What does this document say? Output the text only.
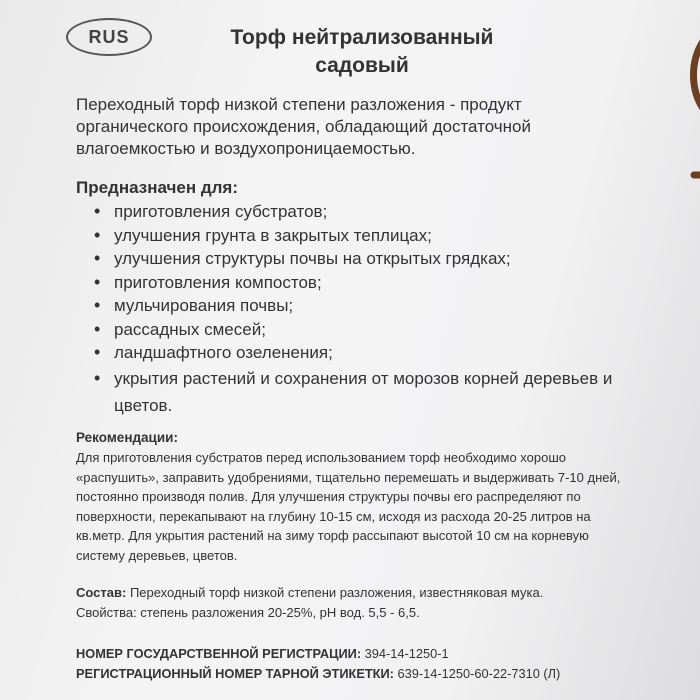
RUS	Торф нейтрализованный
садовый
Переходный торф низкой степени разложения - продукт органического происхождения, обладающий достаточной влагоемкостью и воздухопроницаемостью.
Предназначен для:
• приготовления субстратов;
• улучшения грунта в закрытых теплицах;
• улучшения структуры почвы на открытых грядках;
• приготовления компостов;
• мульчирования почвы;
• рассадных смесей;
• ландшафтного озеленения;
• укрытия растений и сохранения от морозов корней деревьев и цветов.
Рекомендации:
Для приготовления субстратов перед использованием торф необходимо хорошо «распушить», заправить удобрениями, тщательно перемешать и выдерживать 7-10 дней, постоянно производя полив. Для улучшения структуры почвы его распределяют по поверхности, перекапывают на глубину 10-15 см, исходя из расхода 20-25 литров на кв.метр. Для укрытия растений на зиму торф рассыпают высотой 10 см на корневую систему деревьев, цветов.
Состав: Переходный торф низкой степени разложения, известняковая мука.
Свойства: степень разложения 20-25%, рН вод. 5,5 - 6,5.
НОМЕР ГОСУДАРСТВЕННОЙ РЕГИСТРАЦИИ: 394-14-1250-1
РЕГИСТРАЦИОННЫЙ НОМЕР ТАРНОЙ ЭТИКЕТКИ: 639-14-1250-60-22-7310 (Л)
